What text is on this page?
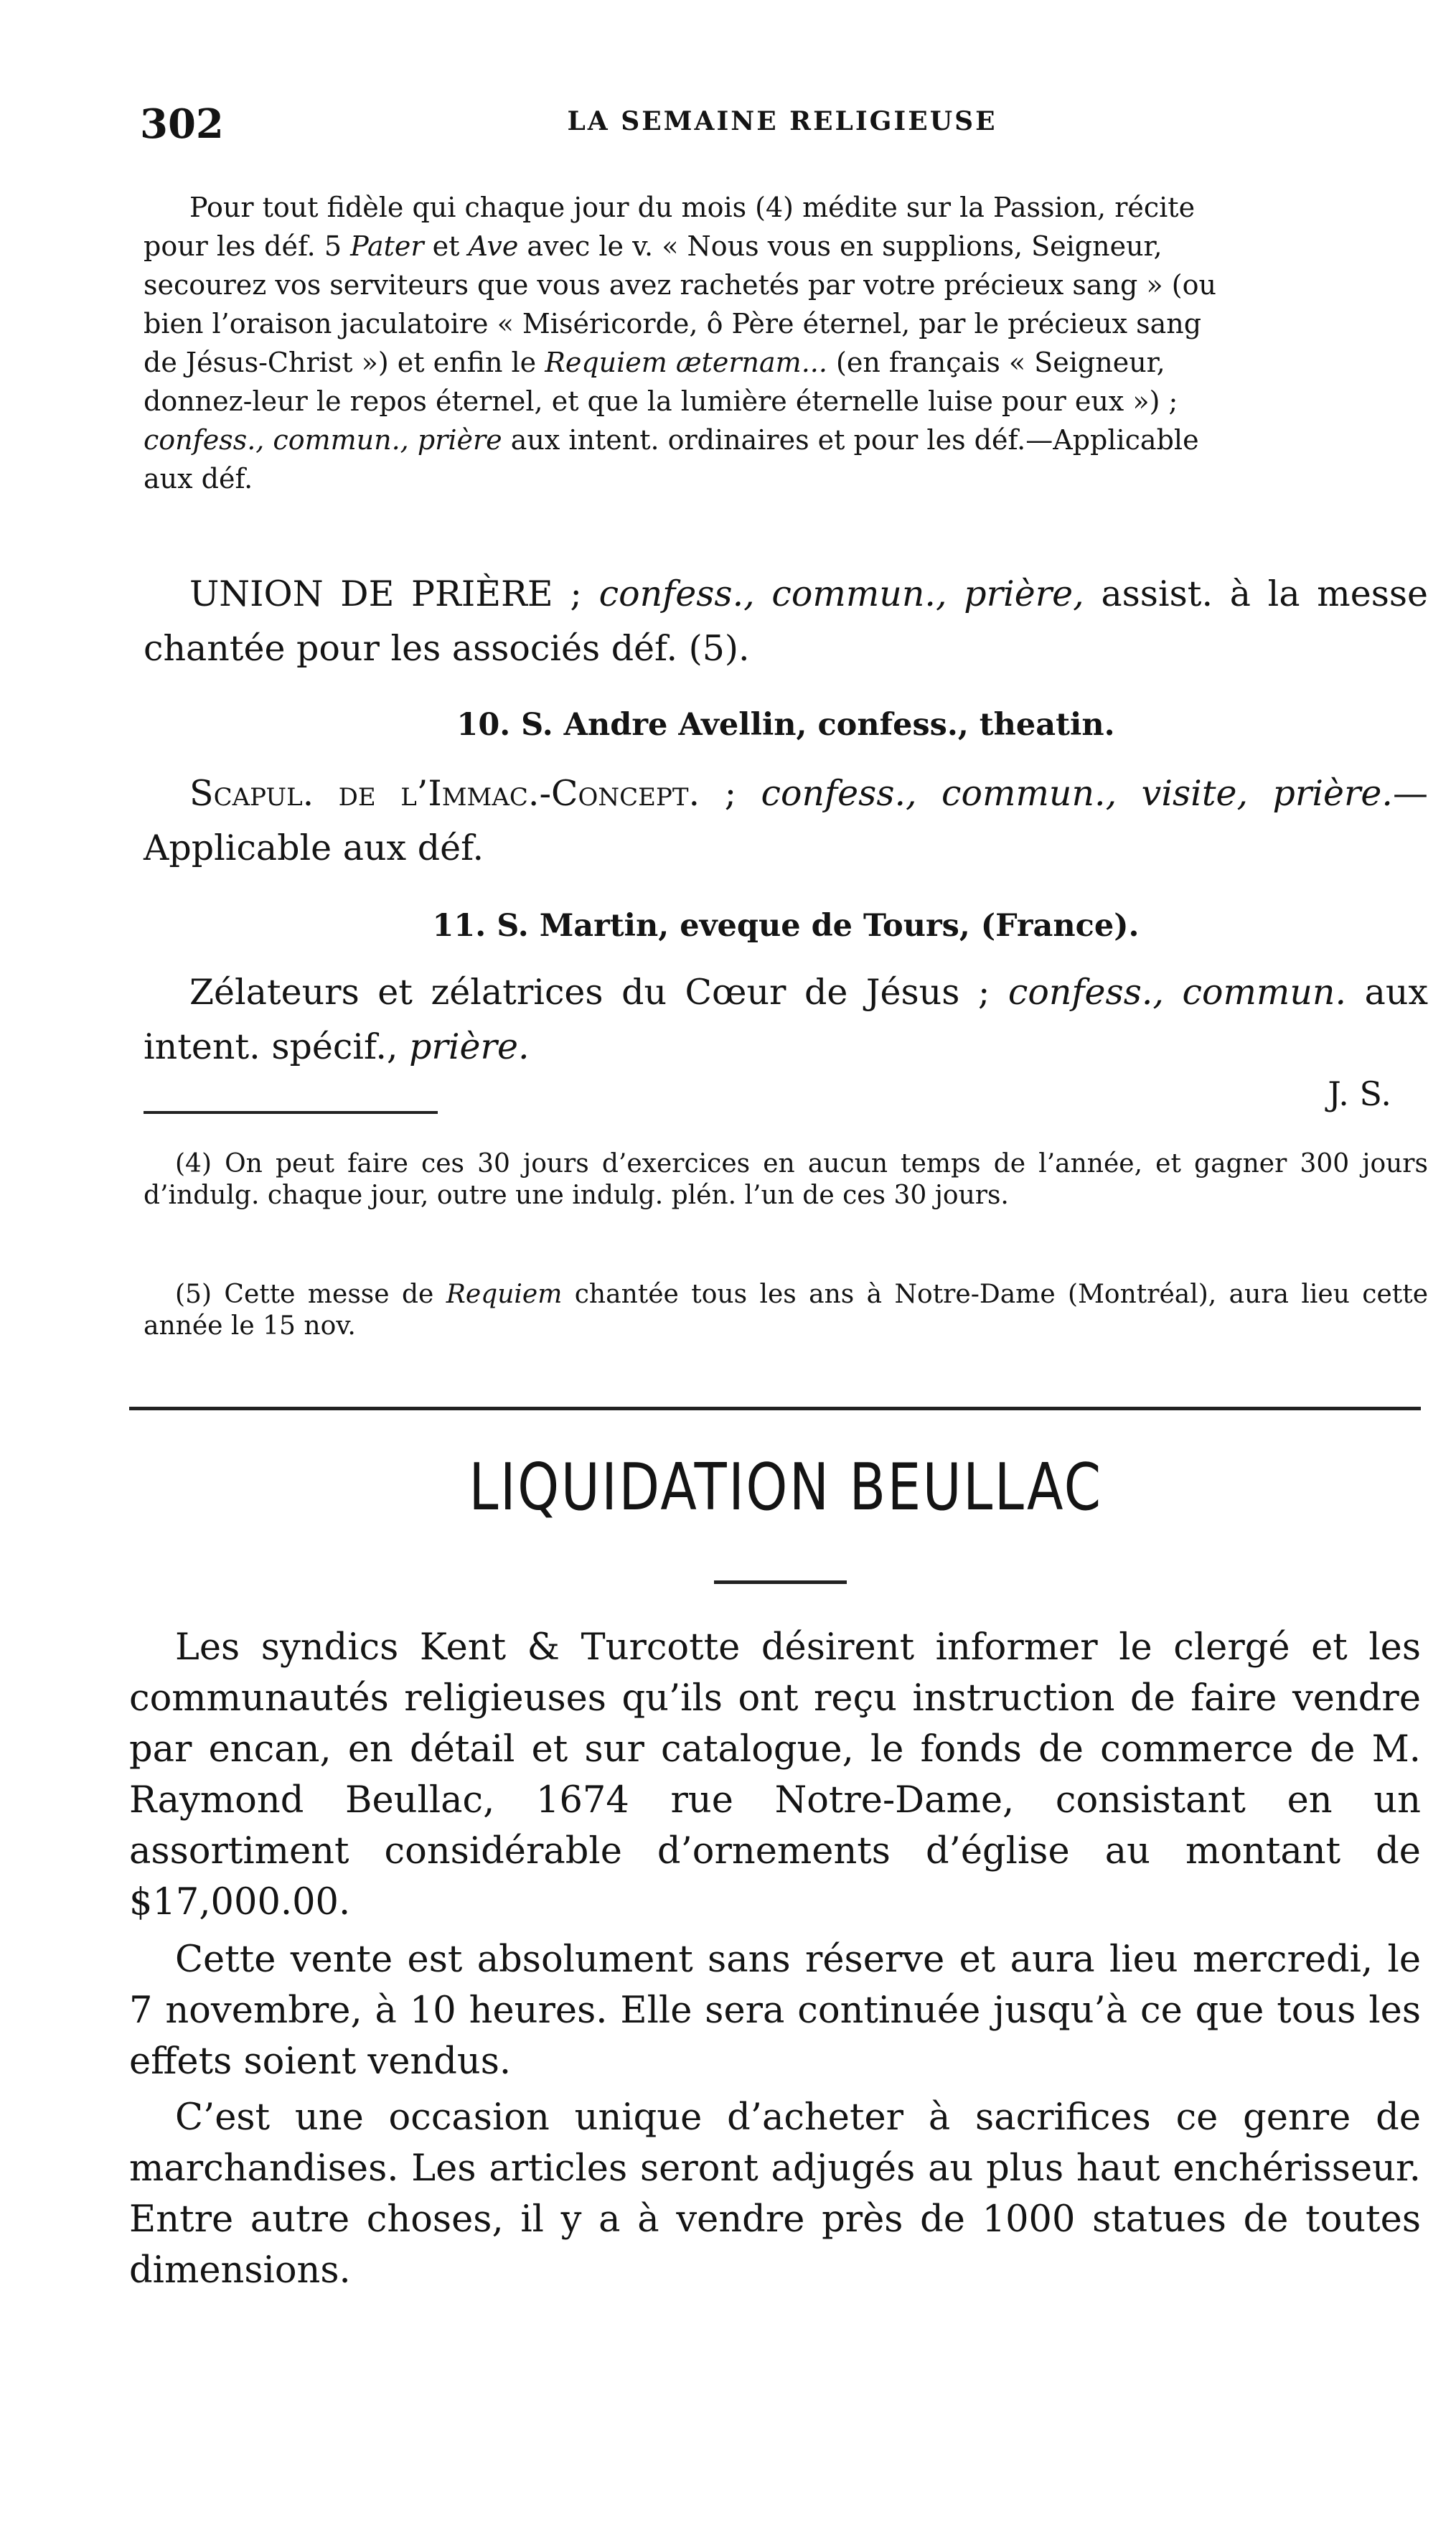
302	LA SEMAINE RELIGIEUSE
Pour tout fidèle qui chaque jour du mois (4) médite sur la Passion, récite
pour les déf. 5 Pater et Ave avec le v. « Nous vous en supplions, Seigneur,
secourez vos serviteurs que vous avez rachetés par votre précieux sang » (ou
bien l’oraison jaculatoire « Miséricorde, ô Père éternel, par le précieux sang
de Jésus-Christ ») et enfin le Requiem æternam... (en français « Seigneur,
donnez-leur le repos éternel, et que la lumière éternelle luise pour eux ») ;
confess., commun., prière aux intent. ordinaires et pour les déf.—Applicable
aux déf.
UNION DE PRIÈRE ; confess., commun., prière, assist. à la messe chantée pour les associés déf. (5).
10. S. Andre Avellin, confess., theatin.
Scapul. de l’Immac.-Concept. ; confess., commun., visite, prière.—Applicable aux déf.
11. S. Martin, eveque de Tours, (France).
Zélateurs et zélatrices du Cœur de Jésus ; confess., commun. aux intent. spécif., prière.
J. S.
(4) On peut faire ces 30 jours d’exercices en aucun temps de l’année, et gagner 300 jours d’indulg. chaque jour, outre une indulg. plén. l’un de ces 30 jours.
(5) Cette messe de Requiem chantée tous les ans à Notre-Dame (Montréal), aura lieu cette année le 15 nov.
LIQUIDATION BEULLAC
Les syndics Kent & Turcotte désirent informer le clergé et les communautés religieuses qu’ils ont reçu instruction de faire vendre par encan, en détail et sur catalogue, le fonds de commerce de M. Raymond Beullac, 1674 rue Notre-Dame, consistant en un assortiment considérable d’ornements d’église au montant de $17,000.00.
Cette vente est absolument sans réserve et aura lieu mercredi, le 7 novembre, à 10 heures. Elle sera continuée jusqu’à ce que tous les effets soient vendus.
C’est une occasion unique d’acheter à sacrifices ce genre de marchandises. Les articles seront adjugés au plus haut enchérisseur. Entre autre choses, il y a à vendre près de 1000 statues de toutes dimensions.
